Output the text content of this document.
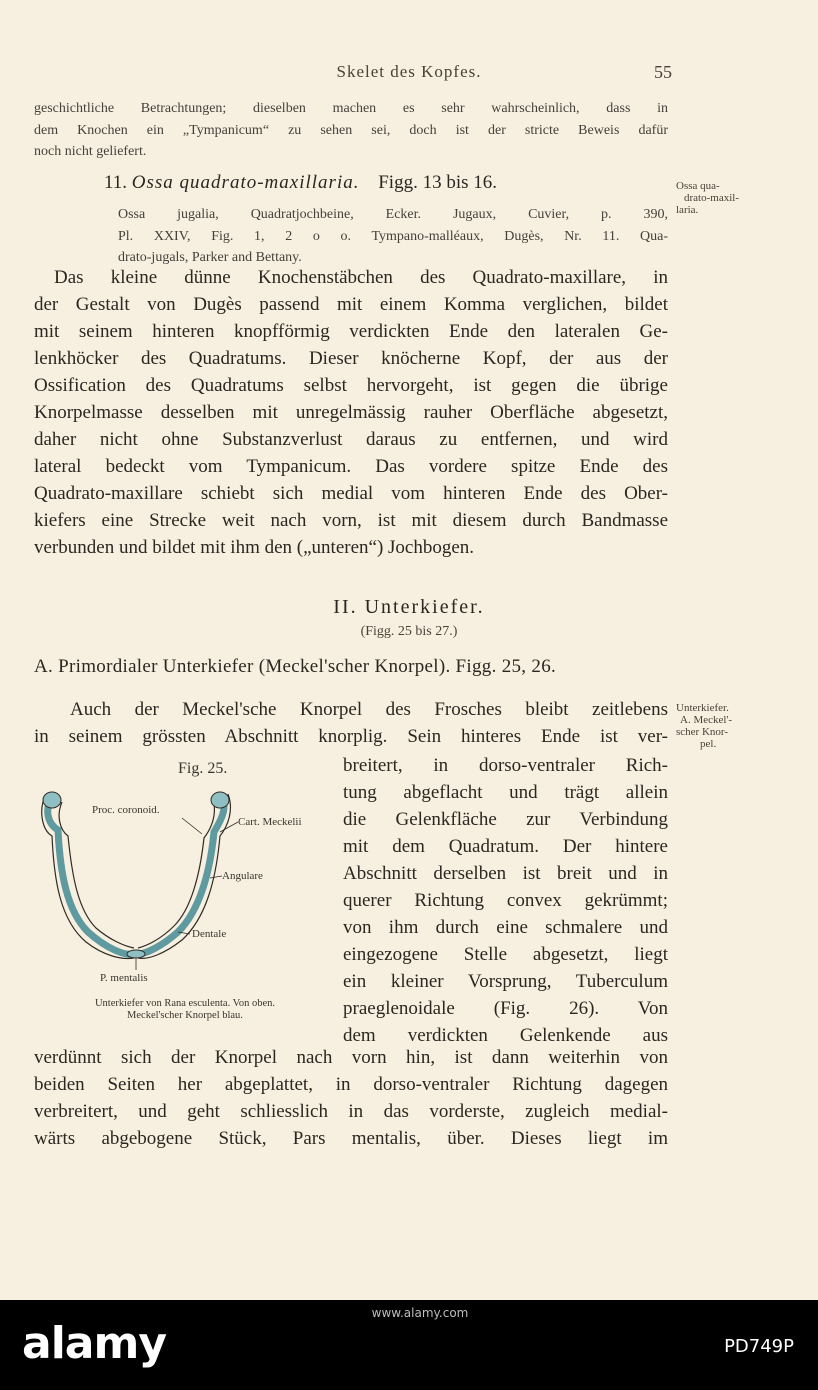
Skelet des Kopfes.	55
geschichtliche Betrachtungen; dieselben machen es sehr wahrscheinlich, dass in
dem Knochen ein „Tympanicum“ zu sehen sei, doch ist der stricte Beweis dafür
noch nicht geliefert.
11. Ossa quadrato-maxillaria. Figg. 13 bis 16.	Ossa qua-
drato-maxil-
laria.
Ossa jugalia, Quadratjochbeine, Ecker. Jugaux, Cuvier, p. 390,
Pl. XXIV, Fig. 1, 2 o o. Tympano-malléaux, Dugès, Nr. 11. Qua-
drato-jugals, Parker and Bettany.
Das kleine dünne Knochenstäbchen des Quadrato-maxillare, in
der Gestalt von Dugès passend mit einem Komma verglichen, bildet
mit seinem hinteren knopfförmig verdickten Ende den lateralen Ge-
lenkhöcker des Quadratums. Dieser knöcherne Kopf, der aus der
Ossification des Quadratums selbst hervorgeht, ist gegen die übrige
Knorpelmasse desselben mit unregelmässig rauher Oberfläche abgesetzt,
daher nicht ohne Substanzverlust daraus zu entfernen, und wird
lateral bedeckt vom Tympanicum. Das vordere spitze Ende des
Quadrato-maxillare schiebt sich medial vom hinteren Ende des Ober-
kiefers eine Strecke weit nach vorn, ist mit diesem durch Bandmasse
verbunden und bildet mit ihm den („unteren“) Jochbogen.
II. Unterkiefer.
(Figg. 25 bis 27.)
A. Primordialer Unterkiefer (Meckel'scher Knorpel). Figg. 25, 26.
Auch der Meckel'sche Knorpel des Frosches bleibt zeitlebens
in seinem grössten Abschnitt knorplig. Sein hinteres Ende ist ver-
Unterkiefer.
A. Meckel'-
scher Knor-
pel.
Fig. 25.
Proc. coronoid.
Cart. Meckelii
Angulare
Dentale
P. mentalis
Unterkiefer von Rana esculenta. Von oben.
Meckel'scher Knorpel blau.
breitert, in dorso-ventraler Rich-
tung abgeflacht und trägt allein
die Gelenkfläche zur Verbindung
mit dem Quadratum. Der hintere
Abschnitt derselben ist breit und in
querer Richtung convex gekrümmt;
von ihm durch eine schmalere und
eingezogene Stelle abgesetzt, liegt
ein kleiner Vorsprung, Tuberculum
praeglenoidale (Fig. 26). Von
dem verdickten Gelenkende aus
verdünnt sich der Knorpel nach vorn hin, ist dann weiterhin von
beiden Seiten her abgeplattet, in dorso-ventraler Richtung dagegen
verbreitert, und geht schliesslich in das vorderste, zugleich medial-
wärts abgebogene Stück, Pars mentalis, über. Dieses liegt im
www.alamy.com
alamy	PD749P
